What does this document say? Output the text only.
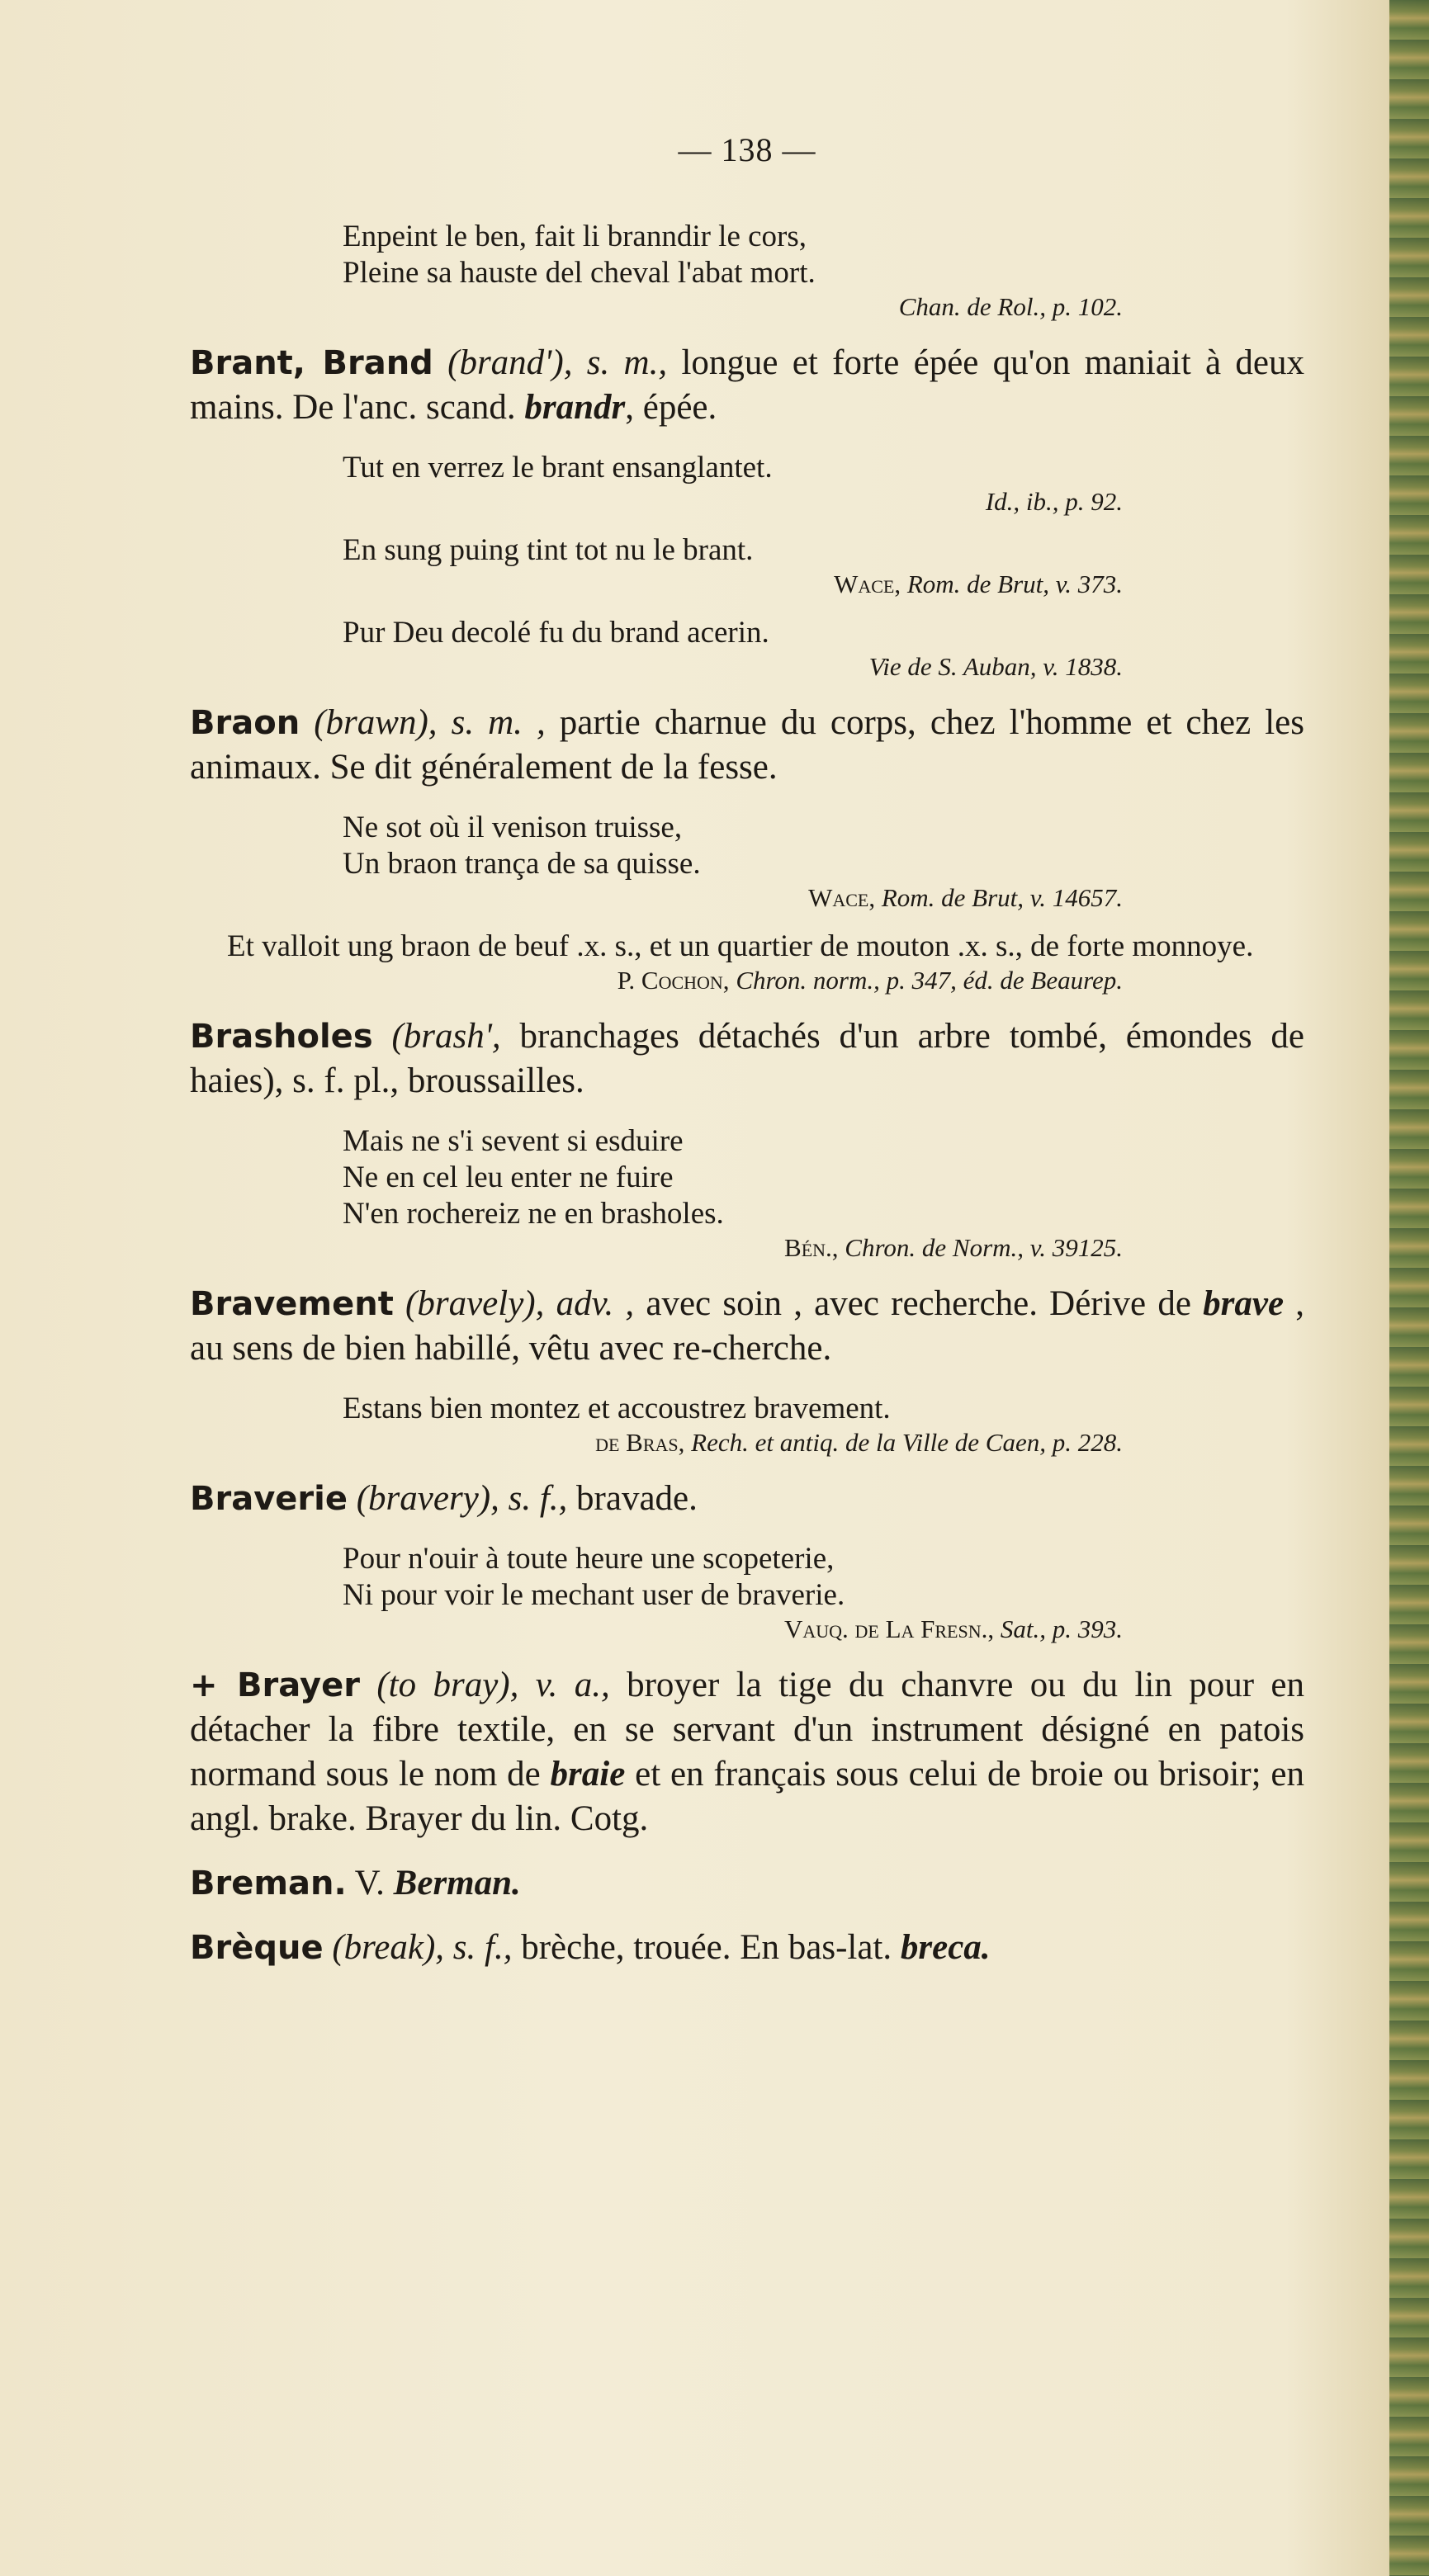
— 138 —

Enpeint le ben, fait li branndir le cors,

Pleine sa hauste del cheval l'abat mort.

Chan. de Rol., p. 102.

Brant, Brand (brand'), s. m., longue et forte épée qu'on maniait à deux mains. De l'anc. scand. brandr, épée.

Tut en verrez le brant ensanglantet.

Id., ib., p. 92.

En sung puing tint tot nu le brant.

Wace, Rom. de Brut, v. 373.

Pur Deu decolé fu du brand acerin.

Vie de S. Auban, v. 1838.

Braon (brawn), s. m. , partie charnue du corps, chez l'homme et chez les animaux. Se dit généralement de la fesse.

Ne sot où il venison truisse,

Un braon trança de sa quisse.

Wace, Rom. de Brut, v. 14657.

Et valloit ung braon de beuf .x. s., et un quartier de mouton .x. s., de forte monnoye.

P. Cochon, Chron. norm., p. 347, éd. de Beaurep.

Brasholes (brash', branchages détachés d'un arbre tombé, émondes de haies), s. f. pl., broussailles.

Mais ne s'i sevent si esduire

Ne en cel leu enter ne fuire

N'en rochereiz ne en brasholes.

Bén., Chron. de Norm., v. 39125.

Bravement (bravely), adv. , avec soin , avec recherche. Dérive de brave , au sens de bien habillé, vêtu avec re-cherche.

Estans bien montez et accoustrez bravement.

de Bras, Rech. et antiq. de la Ville de Caen, p. 228.

Braverie (bravery), s. f., bravade.

Pour n'ouir à toute heure une scopeterie,

Ni pour voir le mechant user de braverie.

Vauq. de La Fresn., Sat., p. 393.

+ Brayer (to bray), v. a., broyer la tige du chanvre ou du lin pour en détacher la fibre textile, en se servant d'un instrument désigné en patois normand sous le nom de braie et en français sous celui de broie ou brisoir; en angl. brake. Brayer du lin. Cotg.

Breman. V. Berman.

Brèque (break), s. f., brèche, trouée. En bas-lat. breca.
